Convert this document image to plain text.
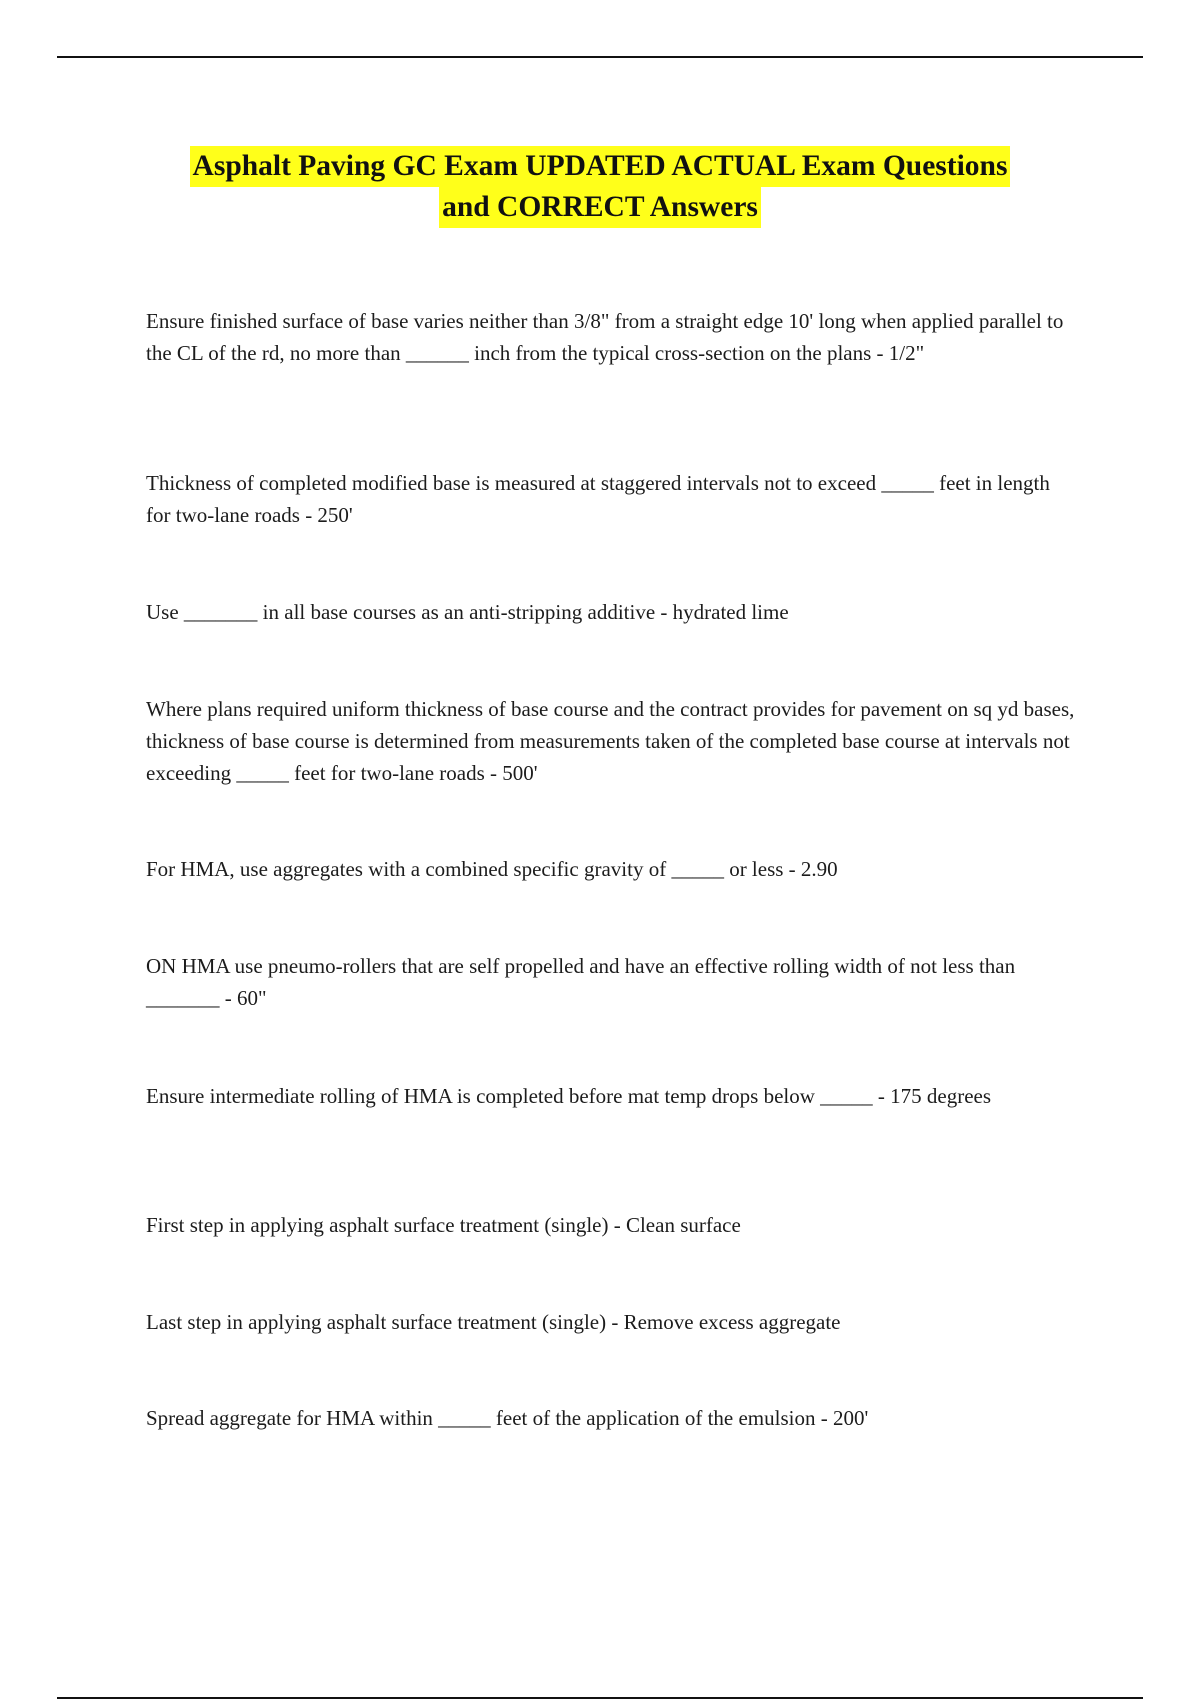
Asphalt Paving GC Exam UPDATED ACTUAL Exam Questions
and CORRECT Answers
Ensure finished surface of base varies neither than 3/8" from a straight edge 10' long when applied parallel to the CL of the rd, no more than ______ inch from the typical cross-section on the plans - 1/2"
Thickness of completed modified base is measured at staggered intervals not to exceed _____ feet in length for two-lane roads - 250'
Use _______ in all base courses as an anti-stripping additive - hydrated lime
Where plans required uniform thickness of base course and the contract provides for pavement on sq yd bases, thickness of base course is determined from measurements taken of the completed base course at intervals not exceeding _____ feet for two-lane roads - 500'
For HMA, use aggregates with a combined specific gravity of _____ or less - 2.90
ON HMA use pneumo-rollers that are self propelled and have an effective rolling width of not less than _______ - 60"
Ensure intermediate rolling of HMA is completed before mat temp drops below _____ - 175 degrees
First step in applying asphalt surface treatment (single) - Clean surface
Last step in applying asphalt surface treatment (single) - Remove excess aggregate
Spread aggregate for HMA within _____ feet of the application of the emulsion - 200'
